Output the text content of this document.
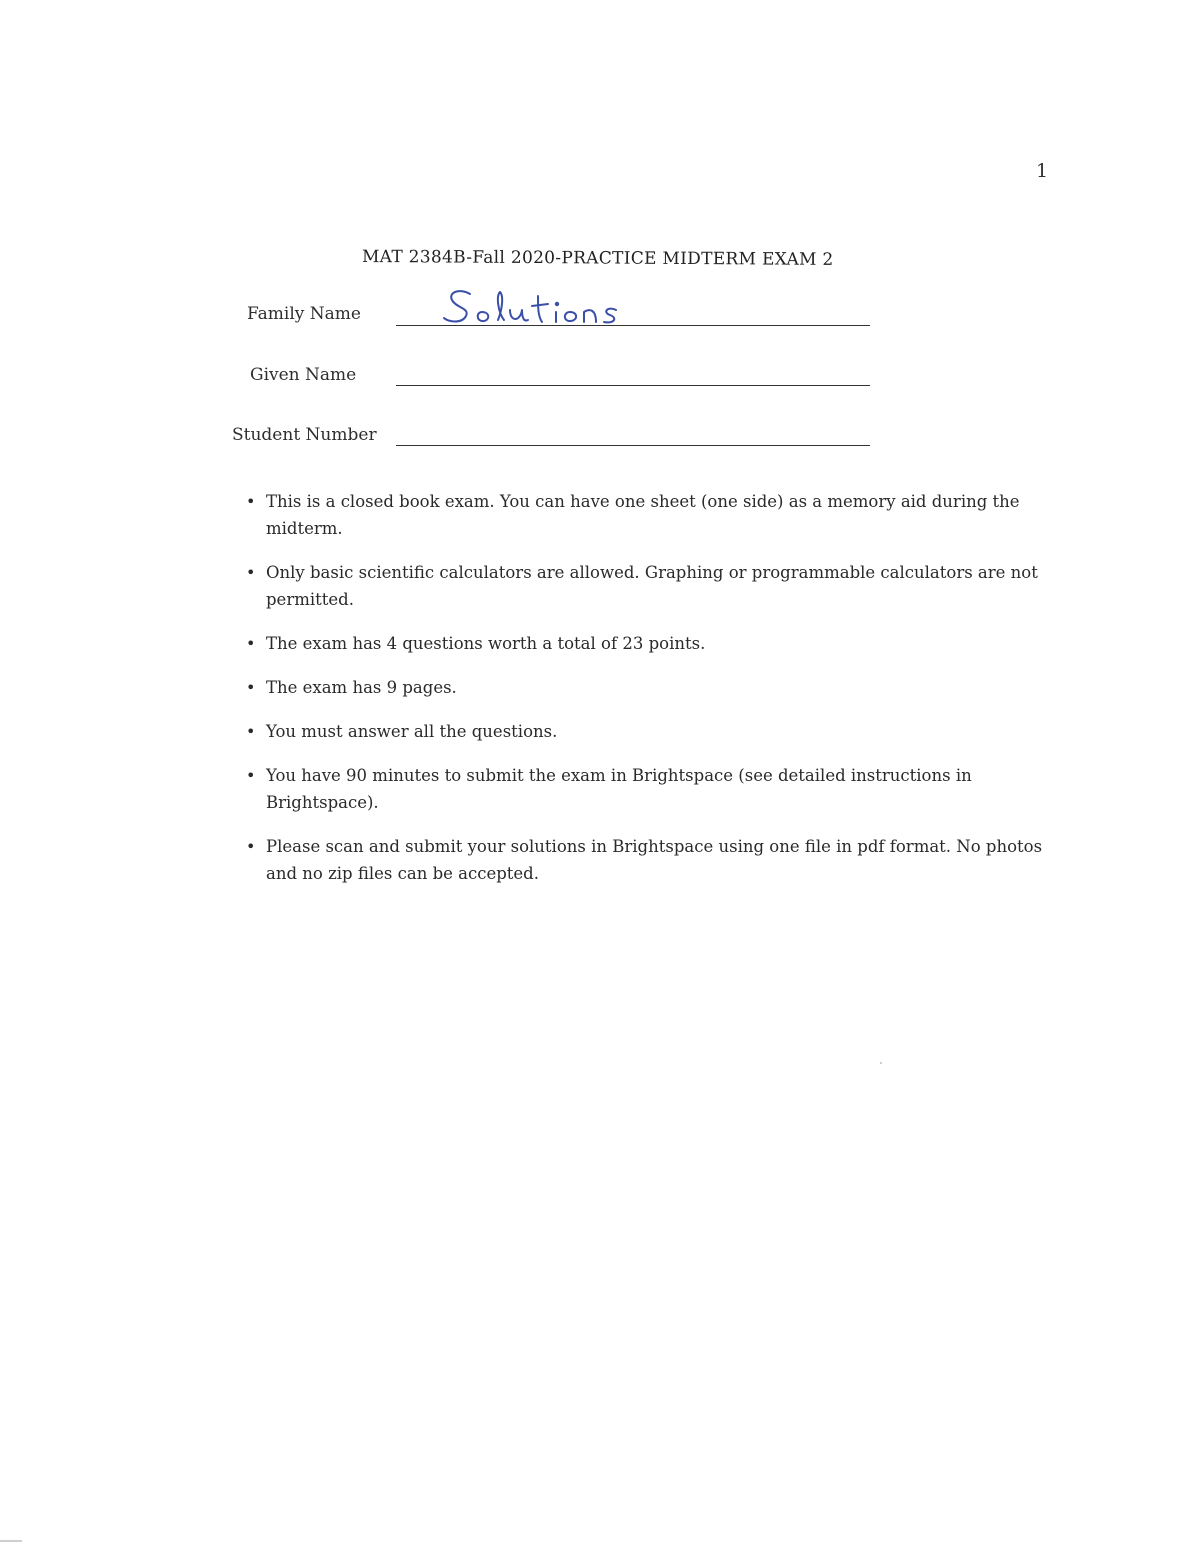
1
MAT 2384B-Fall 2020-PRACTICE MIDTERM EXAM 2
Family Name
Given Name
Student Number
• This is a closed book exam. You can have one sheet (one side) as a memory aid during the midterm.
• Only basic scientific calculators are allowed. Graphing or programmable calculators are not permitted.
• The exam has 4 questions worth a total of 23 points.
• The exam has 9 pages.
• You must answer all the questions.
• You have 90 minutes to submit the exam in Brightspace (see detailed instructions in Brightspace).
• Please scan and submit your solutions in Brightspace using one file in pdf format. No photos and no zip files can be accepted.
